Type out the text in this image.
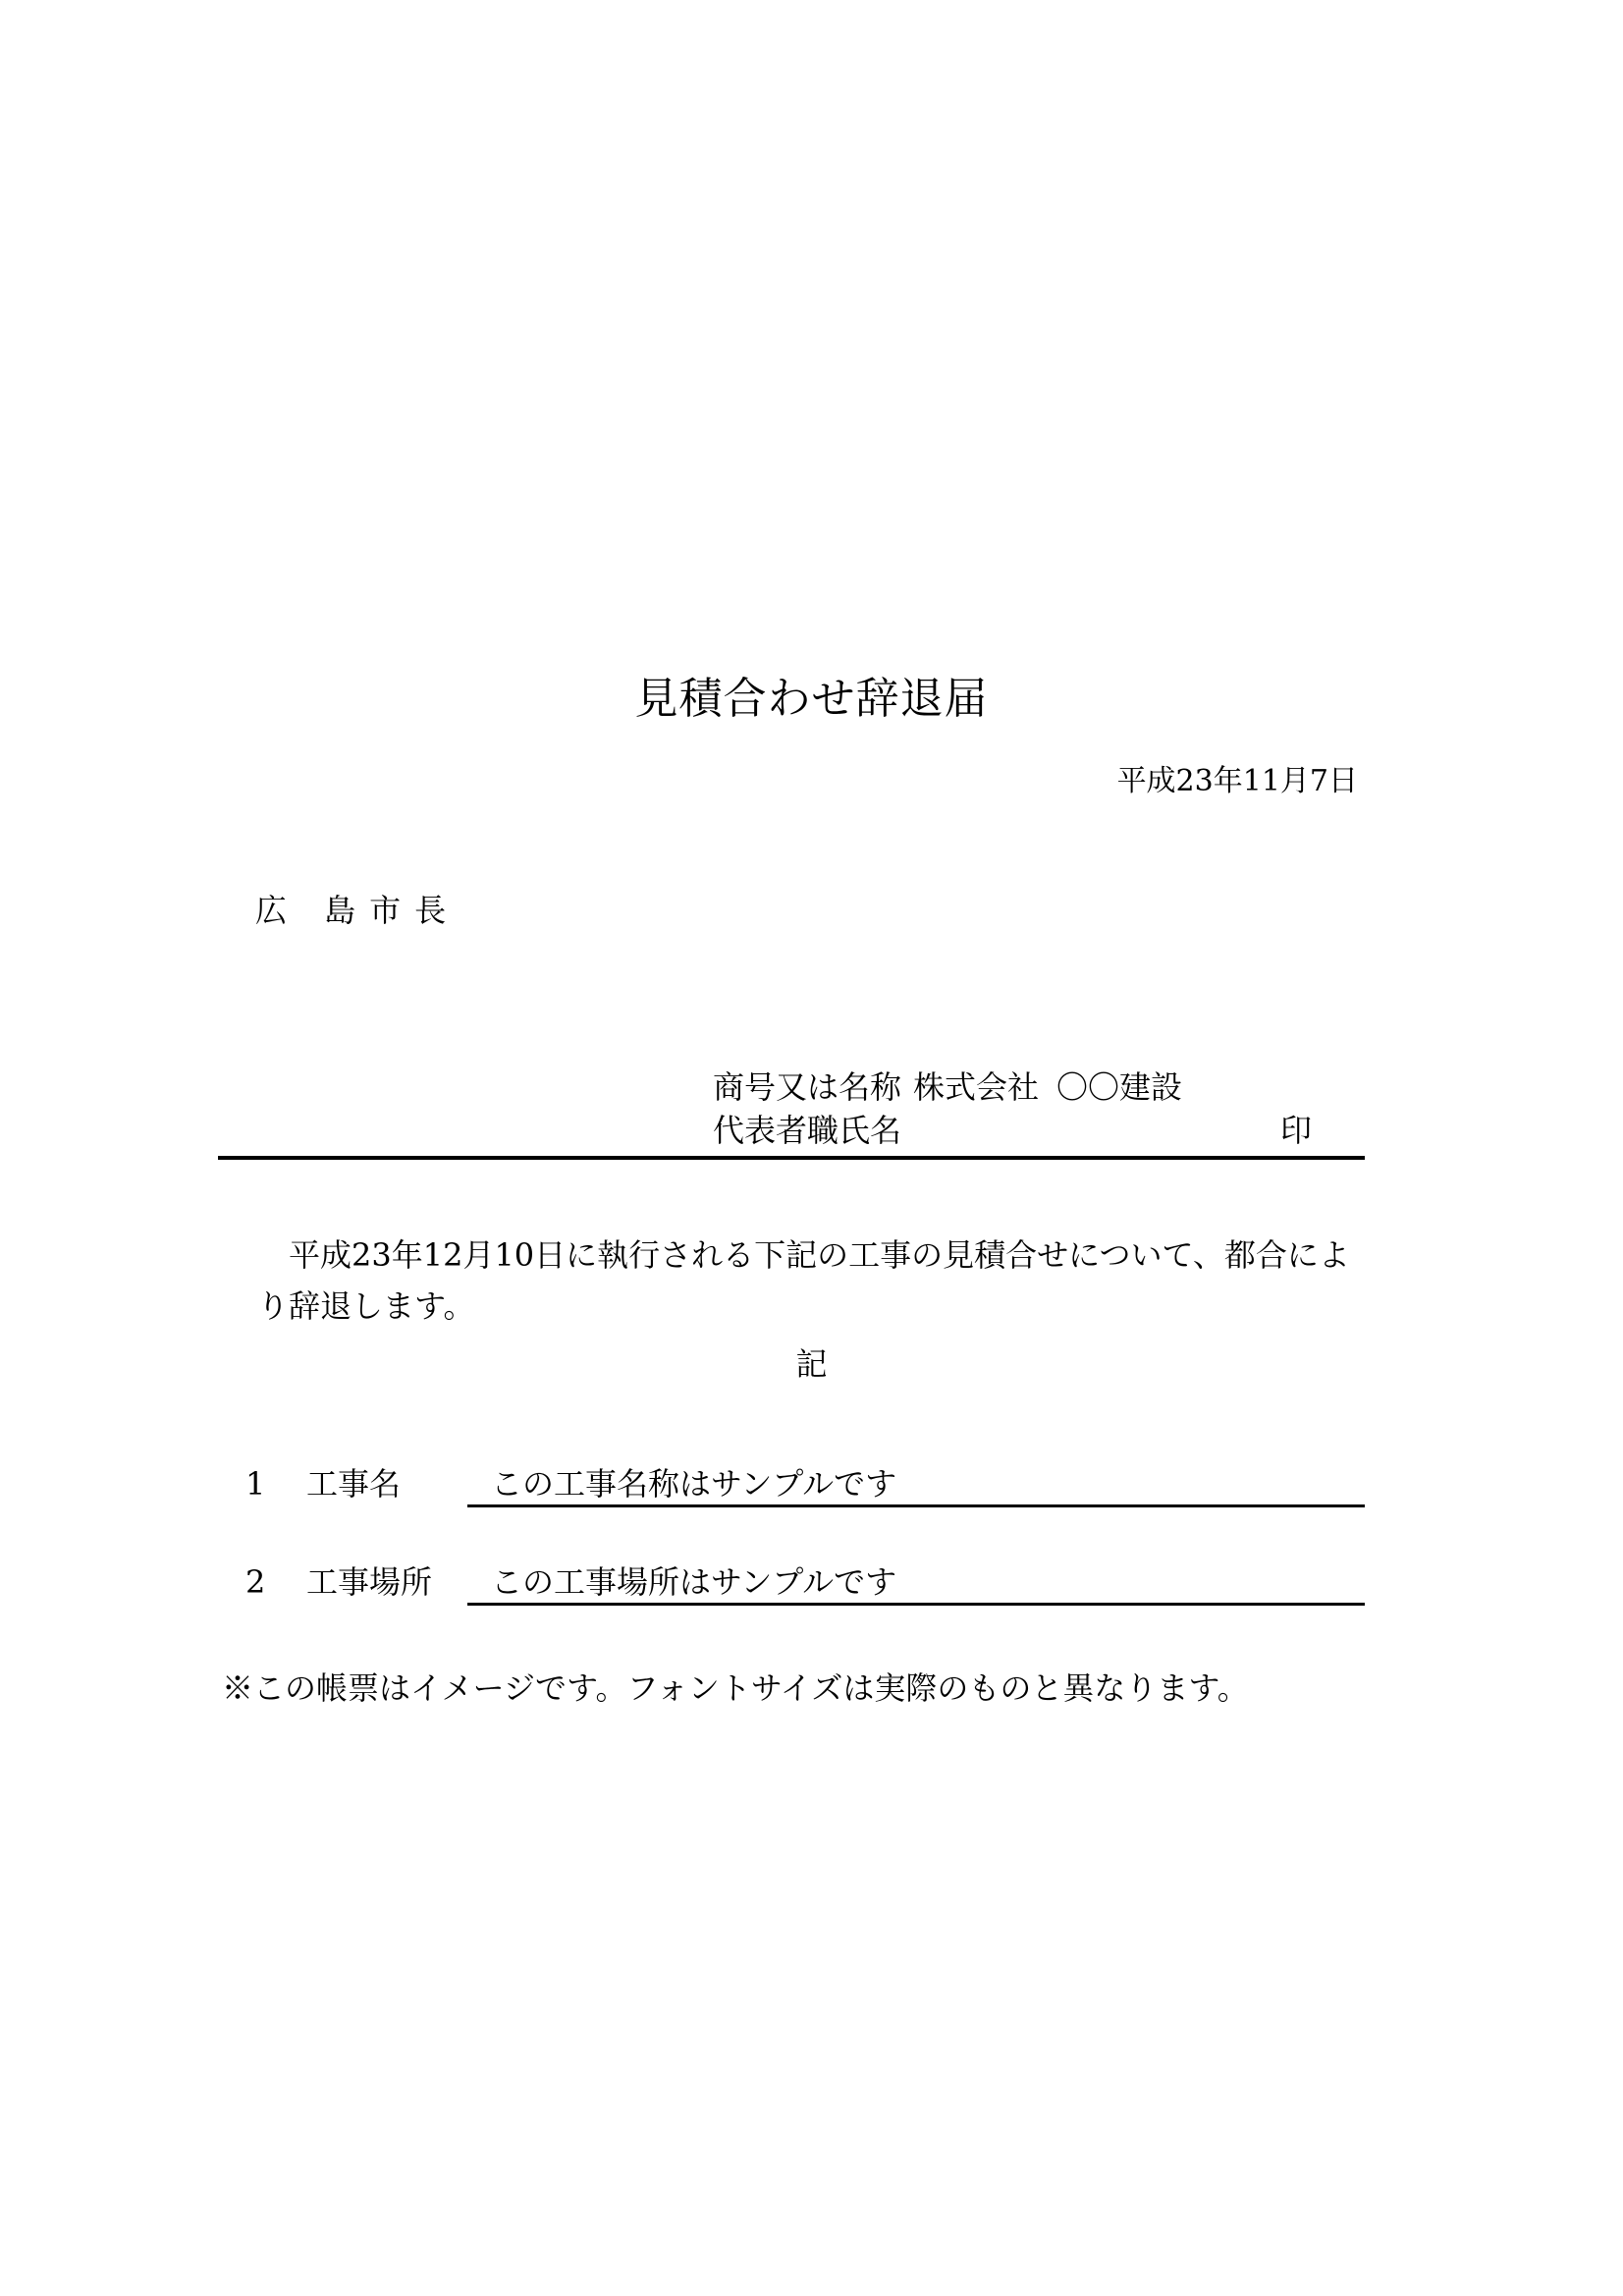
見積合わせ辞退届
平成23年11月7日
広 島市長
商号又は名称 株式会社 〇〇建設
代表者職氏名	印
平成23年12月10日に執行される下記の工事の見積合せについて、都合により辞退します。
記
1 工事名	この工事名称はサンプルです
2 工事場所 この工事場所はサンプルです
※この帳票はイメージです。フォントサイズは実際のものと異なります。
